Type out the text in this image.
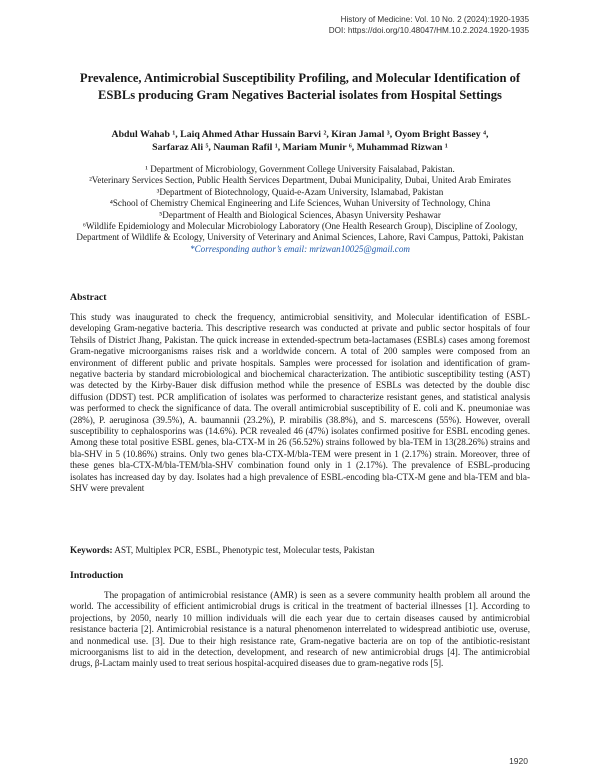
History of Medicine: Vol. 10 No. 2 (2024):1920-1935
DOI: https://doi.org/10.48047/HM.10.2.2024.1920-1935
Prevalence, Antimicrobial Susceptibility Profiling, and Molecular Identification of ESBLs producing Gram Negatives Bacterial isolates from Hospital Settings
Abdul Wahab ¹, Laiq Ahmed Athar Hussain Barvi ², Kiran Jamal ³, Oyom Bright Bassey ⁴,
Sarfaraz Ali ⁵, Nauman Rafil ¹, Mariam Munir ⁶, Muhammad Rizwan ¹
¹ Department of Microbiology, Government College University Faisalabad, Pakistan.
²Veterinary Services Section, Public Health Services Department, Dubai Municipality, Dubai, United Arab Emirates
³Department of Biotechnology, Quaid-e-Azam University, Islamabad, Pakistan
⁴School of Chemistry Chemical Engineering and Life Sciences, Wuhan University of Technology, China
⁵Department of Health and Biological Sciences, Abasyn University Peshawar
⁶Wildlife Epidemiology and Molecular Microbiology Laboratory (One Health Research Group), Discipline of Zoology, Department of Wildlife & Ecology, University of Veterinary and Animal Sciences, Lahore, Ravi Campus, Pattoki, Pakistan
*Corresponding author’s email: mrizwan10025@gmail.com
Abstract
This study was inaugurated to check the frequency, antimicrobial sensitivity, and Molecular identification of ESBL-developing Gram-negative bacteria. This descriptive research was conducted at private and public sector hospitals of four Tehsils of District Jhang, Pakistan. The quick increase in extended-spectrum beta-lactamases (ESBLs) cases among foremost Gram-negative microorganisms raises risk and a worldwide concern. A total of 200 samples were composed from an environment of different public and private hospitals. Samples were processed for isolation and identification of gram-negative bacteria by standard microbiological and biochemical characterization. The antibiotic susceptibility testing (AST) was detected by the Kirby-Bauer disk diffusion method while the presence of ESBLs was detected by the double disc diffusion (DDST) test. PCR amplification of isolates was performed to characterize resistant genes, and statistical analysis was performed to check the significance of data. The overall antimicrobial susceptibility of E. coli and K. pneumoniae was (28%), P. aeruginosa (39.5%), A. baumannii (23.2%), P. mirabilis (38.8%), and S. marcescens (55%). However, overall susceptibility to cephalosporins was (14.6%). PCR revealed 46 (47%) isolates confirmed positive for ESBL encoding genes. Among these total positive ESBL genes, bla-CTX-M in 26 (56.52%) strains followed by bla-TEM in 13(28.26%) strains and bla-SHV in 5 (10.86%) strains. Only two genes bla-CTX-M/bla-TEM were present in 1 (2.17%) strain. Moreover, three of these genes bla-CTX-M/bla-TEM/bla-SHV combination found only in 1 (2.17%). The prevalence of ESBL-producing isolates has increased day by day. Isolates had a high prevalence of ESBL-encoding bla-CTX-M gene and bla-TEM and bla-SHV were prevalent
Keywords: AST, Multiplex PCR, ESBL, Phenotypic test, Molecular tests, Pakistan
Introduction
The propagation of antimicrobial resistance (AMR) is seen as a severe community health problem all around the world. The accessibility of efficient antimicrobial drugs is critical in the treatment of bacterial illnesses [1]. According to projections, by 2050, nearly 10 million individuals will die each year due to certain diseases caused by antimicrobial resistance bacteria [2]. Antimicrobial resistance is a natural phenomenon interrelated to widespread antibiotic use, overuse, and nonmedical use. [3]. Due to their high resistance rate, Gram-negative bacteria are on top of the antibiotic-resistant microorganisms list to aid in the detection, development, and research of new antimicrobial drugs [4]. The antimicrobial drugs, β-Lactam mainly used to treat serious hospital-acquired diseases due to gram-negative rods [5].
1920
